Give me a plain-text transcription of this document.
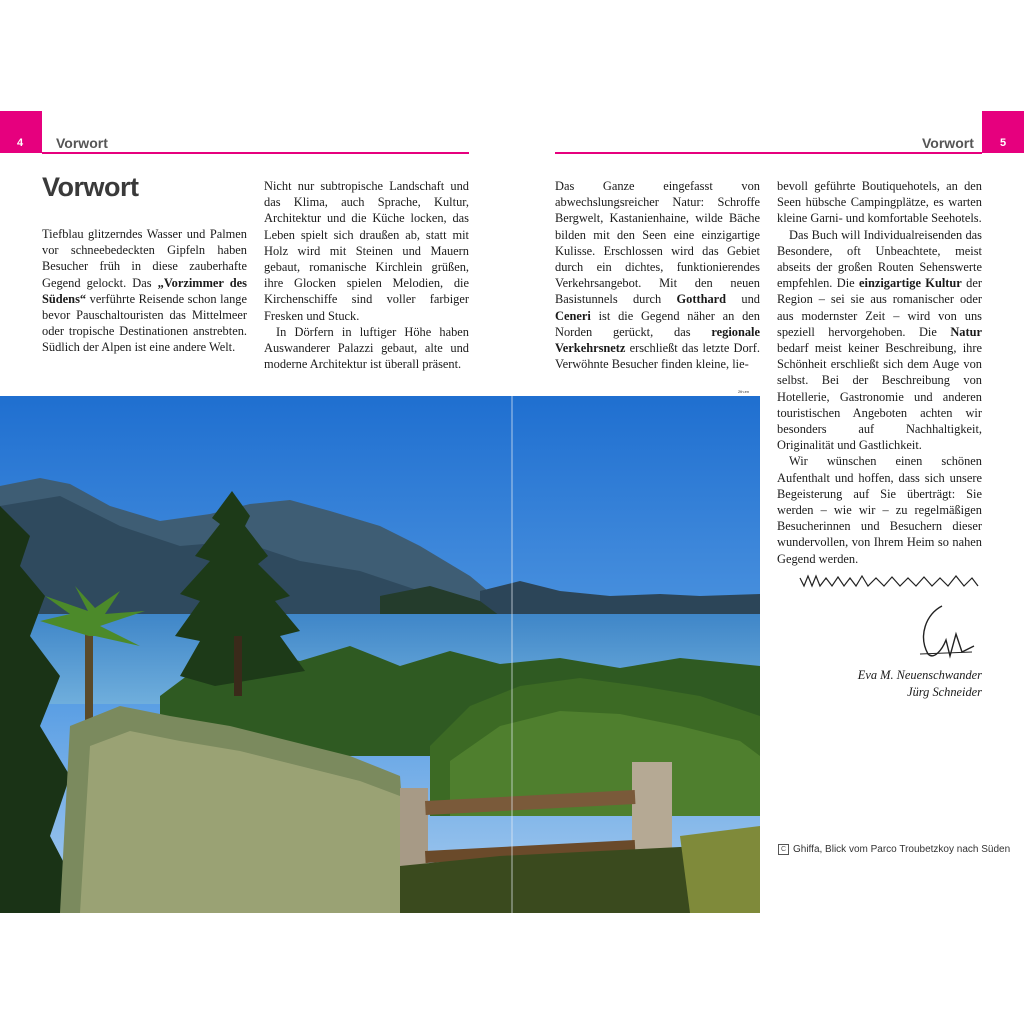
4 Vorwort	5
Vorwort
Vorwort

Tiefblau glitzerndes Wasser und Palmen vor schneebedeckten Gipfeln haben Besucher früh in diese zauberhafte Gegend gelockt. Das „Vorzimmer des Südens“ verführte Reisende schon lange bevor Pauschaltouristen das Mittelmeer oder tropische Destinationen anstrebten. Südlich der Alpen ist eine andere Welt.

Nicht nur subtropische Landschaft und das Klima, auch Sprache, Kultur, Architektur und die Küche locken, das Leben spielt sich draußen ab, statt mit Holz wird mit Steinen und Mauern gebaut, romanische Kirchlein grüßen, ihre Glocken spielen Melodien, die Kirchenschiffe sind voller farbiger Fresken und Stuck.

In Dörfern in luftiger Höhe haben Auswanderer Palazzi gebaut, alte und moderne Architektur ist überall präsent.

Das Ganze eingefasst von abwechslungsreicher Natur: Schroffe Bergwelt, Kastanienhaine, wilde Bäche bilden mit den Seen eine einzigartige Kulisse. Erschlossen wird das Gebiet durch ein dichtes, funktionierendes Verkehrsangebot. Mit den neuen Basistunnels durch Gotthard und Ceneri ist die Gegend näher an den Norden gerückt, das regionale Verkehrsnetz erschließt das letzte Dorf. Verwöhnte Besucher finden kleine, lie-

bevoll geführte Boutiquehotels, an den Seen hübsche Campingplätze, es warten kleine Garni- und komfortable Seehotels.

Das Buch will Individualreisenden das Besondere, oft Unbeachtete, meist abseits der großen Routen Sehenswerte empfehlen. Die einzigartige Kultur der Region – sei sie aus romanischer oder aus modernster Zeit – wird von uns speziell hervorgehoben. Die Natur bedarf meist keiner Beschreibung, ihre Schönheit erschließt sich dem Auge von selbst. Bei der Beschreibung von Hotellerie, Gastronomie und anderen touristischen Angeboten achten wir besonders auf Nachhaltigkeit, Originalität und Gastlichkeit.

Wir wünschen einen schönen Aufenthalt und hoffen, dass sich unsere Begeisterung auf Sie überträgt: Sie werden – wie wir – zu regelmäßigen Besucherinnen und Besuchern dieser wundervollen, von Ihrem Heim so nahen Gegend werden.

2th.en
Eva M. Neuenschwander
Jürg Schneider
C Ghiffa, Blick vom Parco Troubetzkoy nach Süden
